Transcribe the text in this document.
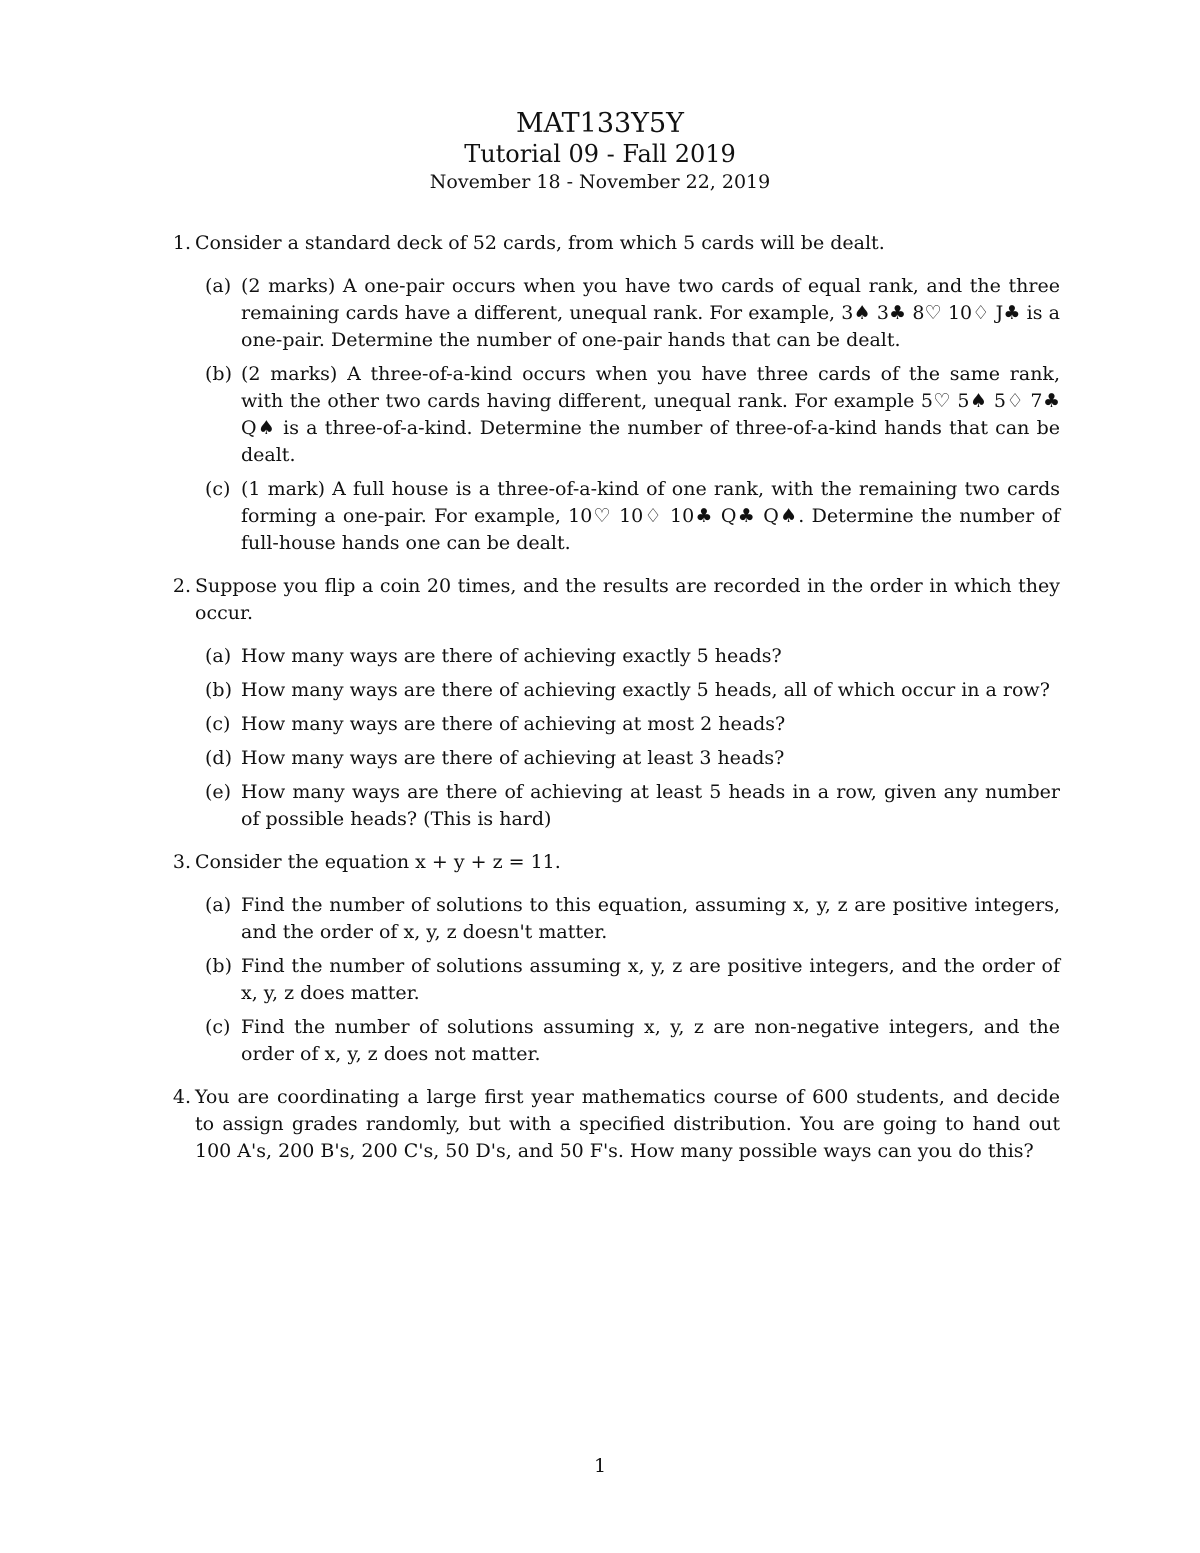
MAT133Y5Y
Tutorial 09 - Fall 2019
November 18 - November 22, 2019
1. Consider a standard deck of 52 cards, from which 5 cards will be dealt.
(a) (2 marks) A one-pair occurs when you have two cards of equal rank, and the three remaining cards have a different, unequal rank. For example, 3♠ 3♣ 8♡ 10♢ J♣ is a one-pair. Determine the number of one-pair hands that can be dealt.
(b) (2 marks) A three-of-a-kind occurs when you have three cards of the same rank, with the other two cards having different, unequal rank. For example 5♡ 5♠ 5♢ 7♣ Q♠ is a three-of-a-kind. Determine the number of three-of-a-kind hands that can be dealt.
(c) (1 mark) A full house is a three-of-a-kind of one rank, with the remaining two cards forming a one-pair. For example, 10♡ 10♢ 10♣ Q♣ Q♠. Determine the number of full-house hands one can be dealt.
2. Suppose you flip a coin 20 times, and the results are recorded in the order in which they occur.
(a) How many ways are there of achieving exactly 5 heads?
(b) How many ways are there of achieving exactly 5 heads, all of which occur in a row?
(c) How many ways are there of achieving at most 2 heads?
(d) How many ways are there of achieving at least 3 heads?
(e) How many ways are there of achieving at least 5 heads in a row, given any number of possible heads? (This is hard)
3. Consider the equation x + y + z = 11.
(a) Find the number of solutions to this equation, assuming x, y, z are positive integers, and the order of x, y, z doesn't matter.
(b) Find the number of solutions assuming x, y, z are positive integers, and the order of x, y, z does matter.
(c) Find the number of solutions assuming x, y, z are non-negative integers, and the order of x, y, z does not matter.
4. You are coordinating a large first year mathematics course of 600 students, and decide to assign grades randomly, but with a specified distribution. You are going to hand out 100 A's, 200 B's, 200 C's, 50 D's, and 50 F's. How many possible ways can you do this?
1
